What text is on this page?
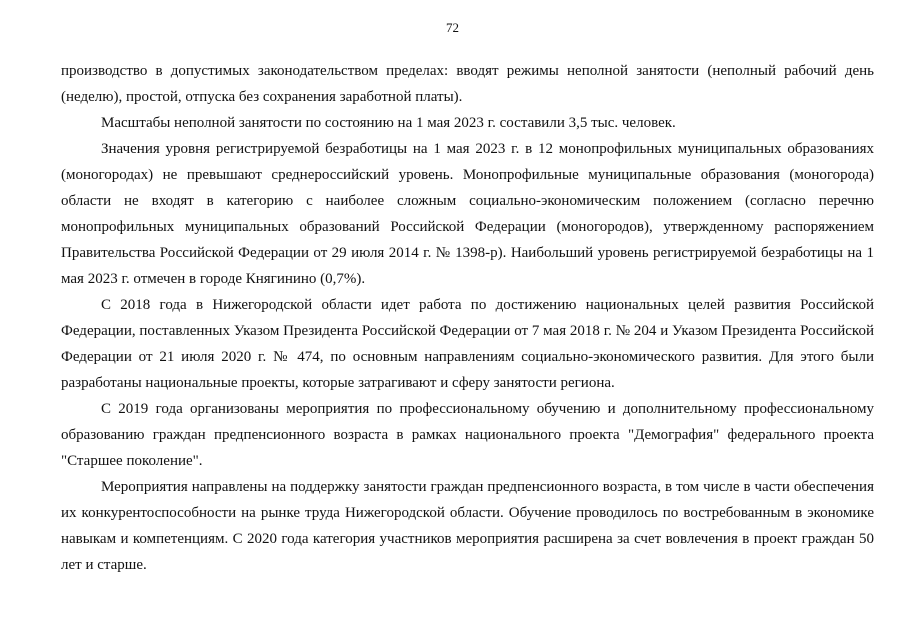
72

производство в допустимых законодательством пределах: вводят режимы неполной занятости (неполный рабочий день (неделю), простой, отпуска без сохранения заработной платы).

Масштабы неполной занятости по состоянию на 1 мая 2023 г. составили 3,5 тыс. человек.

Значения уровня регистрируемой безработицы на 1 мая 2023 г. в 12 монопрофильных муниципальных образованиях (моногородах) не превышают среднероссийский уровень. Монопрофильные муниципальные образования (моногорода) области не входят в категорию с наиболее сложным социально-экономическим положением (согласно перечню монопрофильных муниципальных образований Российской Федерации (моногородов), утвержденному распоряжением Правительства Российской Федерации от 29 июля 2014 г. № 1398-р). Наибольший уровень регистрируемой безработицы на 1 мая 2023 г. отмечен в городе Княгинино (0,7%).

С 2018 года в Нижегородской области идет работа по достижению национальных целей развития Российской Федерации, поставленных Указом Президента Российской Федерации от 7 мая 2018 г. № 204 и Указом Президента Российской Федерации от 21 июля 2020 г. № 474, по основным направлениям социально-экономического развития. Для этого были разработаны национальные проекты, которые затрагивают и сферу занятости региона.

С 2019 года организованы мероприятия по профессиональному обучению и дополнительному профессиональному образованию граждан предпенсионного возраста в рамках национального проекта "Демография" федерального проекта "Старшее поколение".

Мероприятия направлены на поддержку занятости граждан предпенсионного возраста, в том числе в части обеспечения их конкурентоспособности на рынке труда Нижегородской области. Обучение проводилось по востребованным в экономике навыкам и компетенциям. С 2020 года категория участников мероприятия расширена за счет вовлечения в проект граждан 50 лет и старше.
